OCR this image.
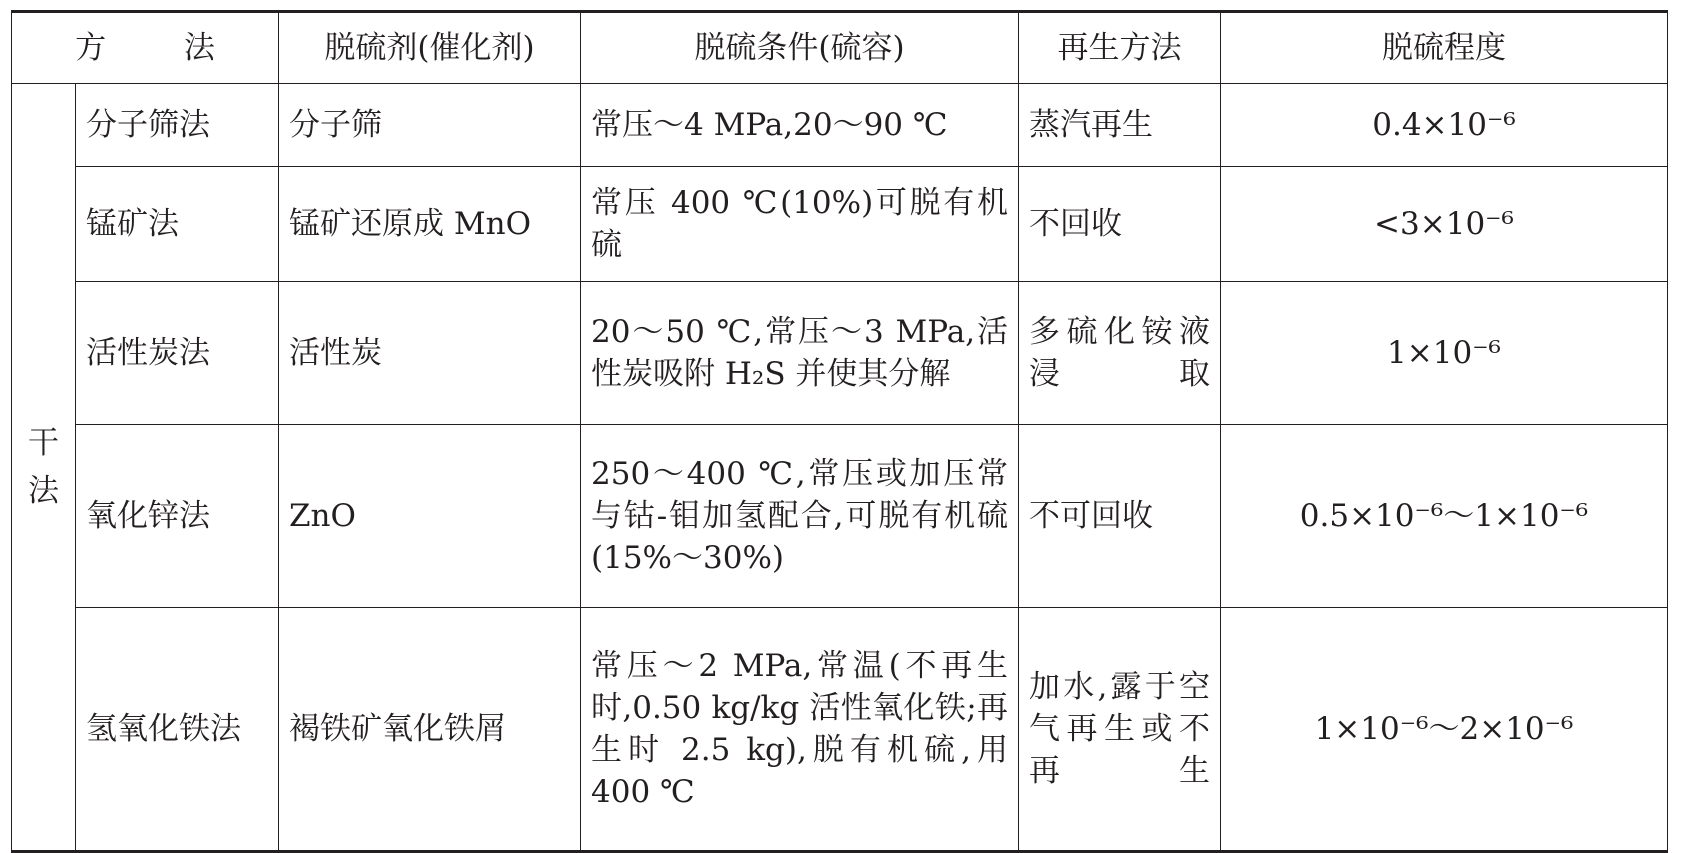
方 法		脱硫剂(催化剂)	脱硫条件(硫容)	再生方法	脱硫程度
干法	分子筛法	分子筛	常压～4 MPa,20～90 ℃	蒸汽再生	0.4×10⁻⁶
	锰矿法	锰矿还原成 MnO	常压 400 ℃(10%)可脱有机硫	不回收	<3×10⁻⁶
	活性炭法	活性炭	20～50 ℃,常压～3 MPa,活性炭吸附 H₂S 并使其分解	多硫化铵液浸取	1×10⁻⁶
	氧化锌法	ZnO	250～400 ℃,常压或加压常与钴-钼加氢配合,可脱有机硫(15%～30%)	不可回收	0.5×10⁻⁶～1×10⁻⁶
	氢氧化铁法	褐铁矿氧化铁屑	常压～2 MPa,常温(不再生时,0.50 kg/kg 活性氧化铁;再生时 2.5 kg),脱有机硫,用 400 ℃	加水,露于空气再生或不再生	1×10⁻⁶～2×10⁻⁶
